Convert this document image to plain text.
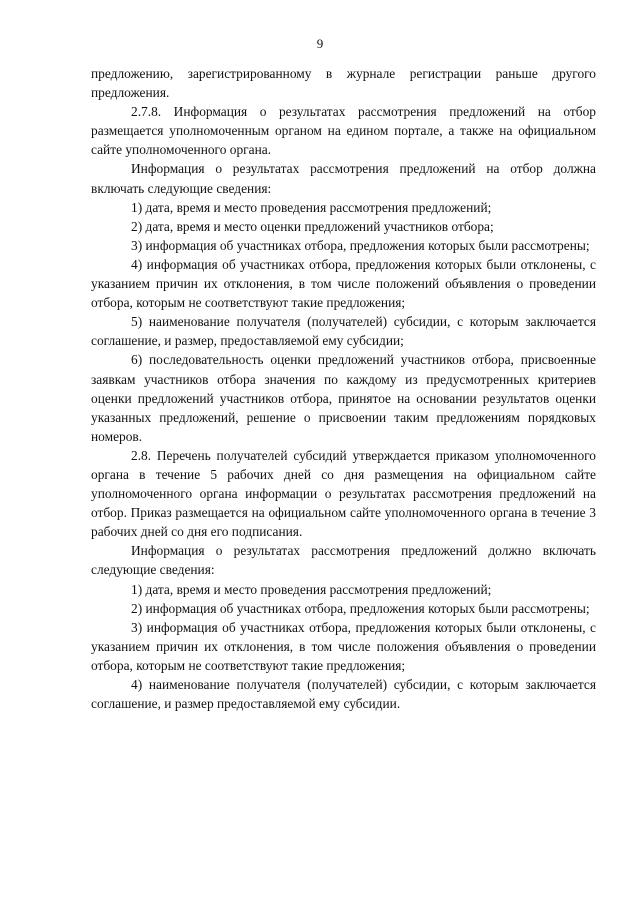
9

предложению, зарегистрированному в журнале регистрации раньше другого предложения.

2.7.8. Информация о результатах рассмотрения предложений на отбор размещается уполномоченным органом на едином портале, а также на официальном сайте уполномоченного органа.

Информация о результатах рассмотрения предложений на отбор должна включать следующие сведения:

1) дата, время и место проведения рассмотрения предложений;

2) дата, время и место оценки предложений участников отбора;

3) информация об участниках отбора, предложения которых были рассмотрены;

4) информация об участниках отбора, предложения которых были отклонены, с указанием причин их отклонения, в том числе положений объявления о проведении отбора, которым не соответствуют такие предложения;

5) наименование получателя (получателей) субсидии, с которым заключается соглашение, и размер, предоставляемой ему субсидии;

6) последовательность оценки предложений участников отбора, присвоенные заявкам участников отбора значения по каждому из предусмотренных критериев оценки предложений участников отбора, принятое на основании результатов оценки указанных предложений, решение о присвоении таким предложениям порядковых номеров.

2.8. Перечень получателей субсидий утверждается приказом уполномоченного органа в течение 5 рабочих дней со дня размещения на официальном сайте уполномоченного органа информации о результатах рассмотрения предложений на отбор. Приказ размещается на официальном сайте уполномоченного органа в течение 3 рабочих дней со дня его подписания.

Информация о результатах рассмотрения предложений должно включать следующие сведения:

1) дата, время и место проведения рассмотрения предложений;

2) информация об участниках отбора, предложения которых были рассмотрены;

3) информация об участниках отбора, предложения которых были отклонены, с указанием причин их отклонения, в том числе положения объявления о проведении отбора, которым не соответствуют такие предложения;

4) наименование получателя (получателей) субсидии, с которым заключается соглашение, и размер предоставляемой ему субсидии.
